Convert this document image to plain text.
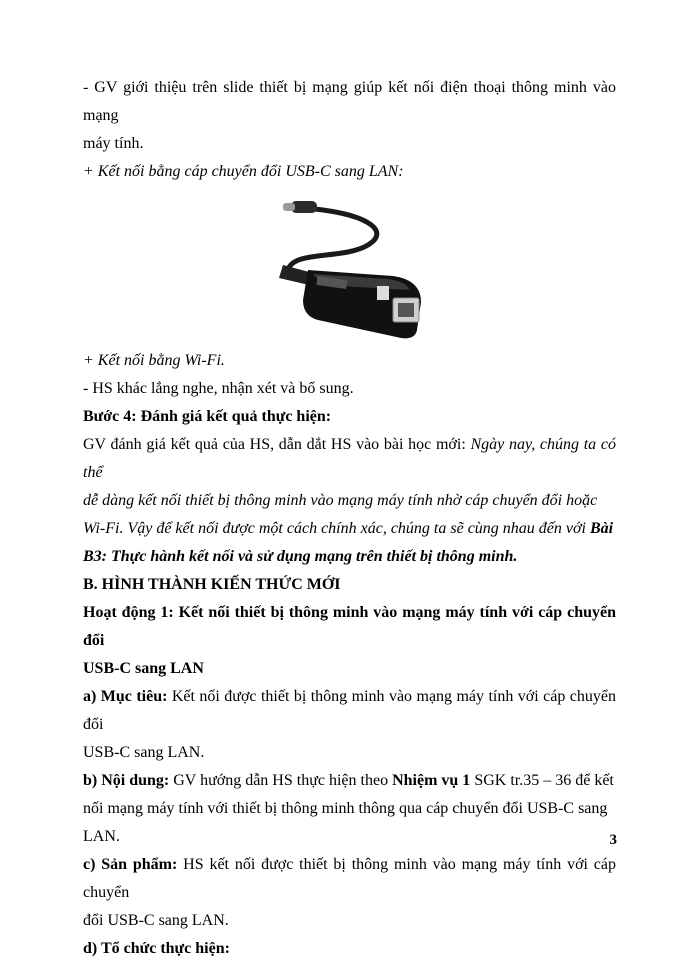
- GV giới thiệu trên slide thiết bị mạng giúp kết nối điện thoại thông minh vào mạng
máy tính.

+ Kết nối bằng cáp chuyển đổi USB-C sang LAN:

+ Kết nối bằng Wi-Fi.

- HS khác lắng nghe, nhận xét và bổ sung.

Bước 4: Đánh giá kết quả thực hiện:

GV đánh giá kết quả của HS, dẫn dắt HS vào bài học mới: Ngày nay, chúng ta có thể
dễ dàng kết nối thiết bị thông minh vào mạng máy tính nhờ cáp chuyển đổi hoặc
Wi-Fi. Vậy để kết nối được một cách chính xác, chúng ta sẽ cùng nhau đến với Bài
B3: Thực hành kết nối và sử dụng mạng trên thiết bị thông minh.

B. HÌNH THÀNH KIẾN THỨC MỚI

Hoạt động 1: Kết nối thiết bị thông minh vào mạng máy tính với cáp chuyển đổi
USB-C sang LAN

a) Mục tiêu: Kết nối được thiết bị thông minh vào mạng máy tính với cáp chuyển đổi
USB-C sang LAN.

b) Nội dung: GV hướng dẫn HS thực hiện theo Nhiệm vụ 1 SGK tr.35 – 36 để kết
nối mạng máy tính với thiết bị thông minh thông qua cáp chuyển đổi USB-C sang
LAN.

c) Sản phẩm: HS kết nối được thiết bị thông minh vào mạng máy tính với cáp chuyển
đổi USB-C sang LAN.

d) Tổ chức thực hiện:

3
